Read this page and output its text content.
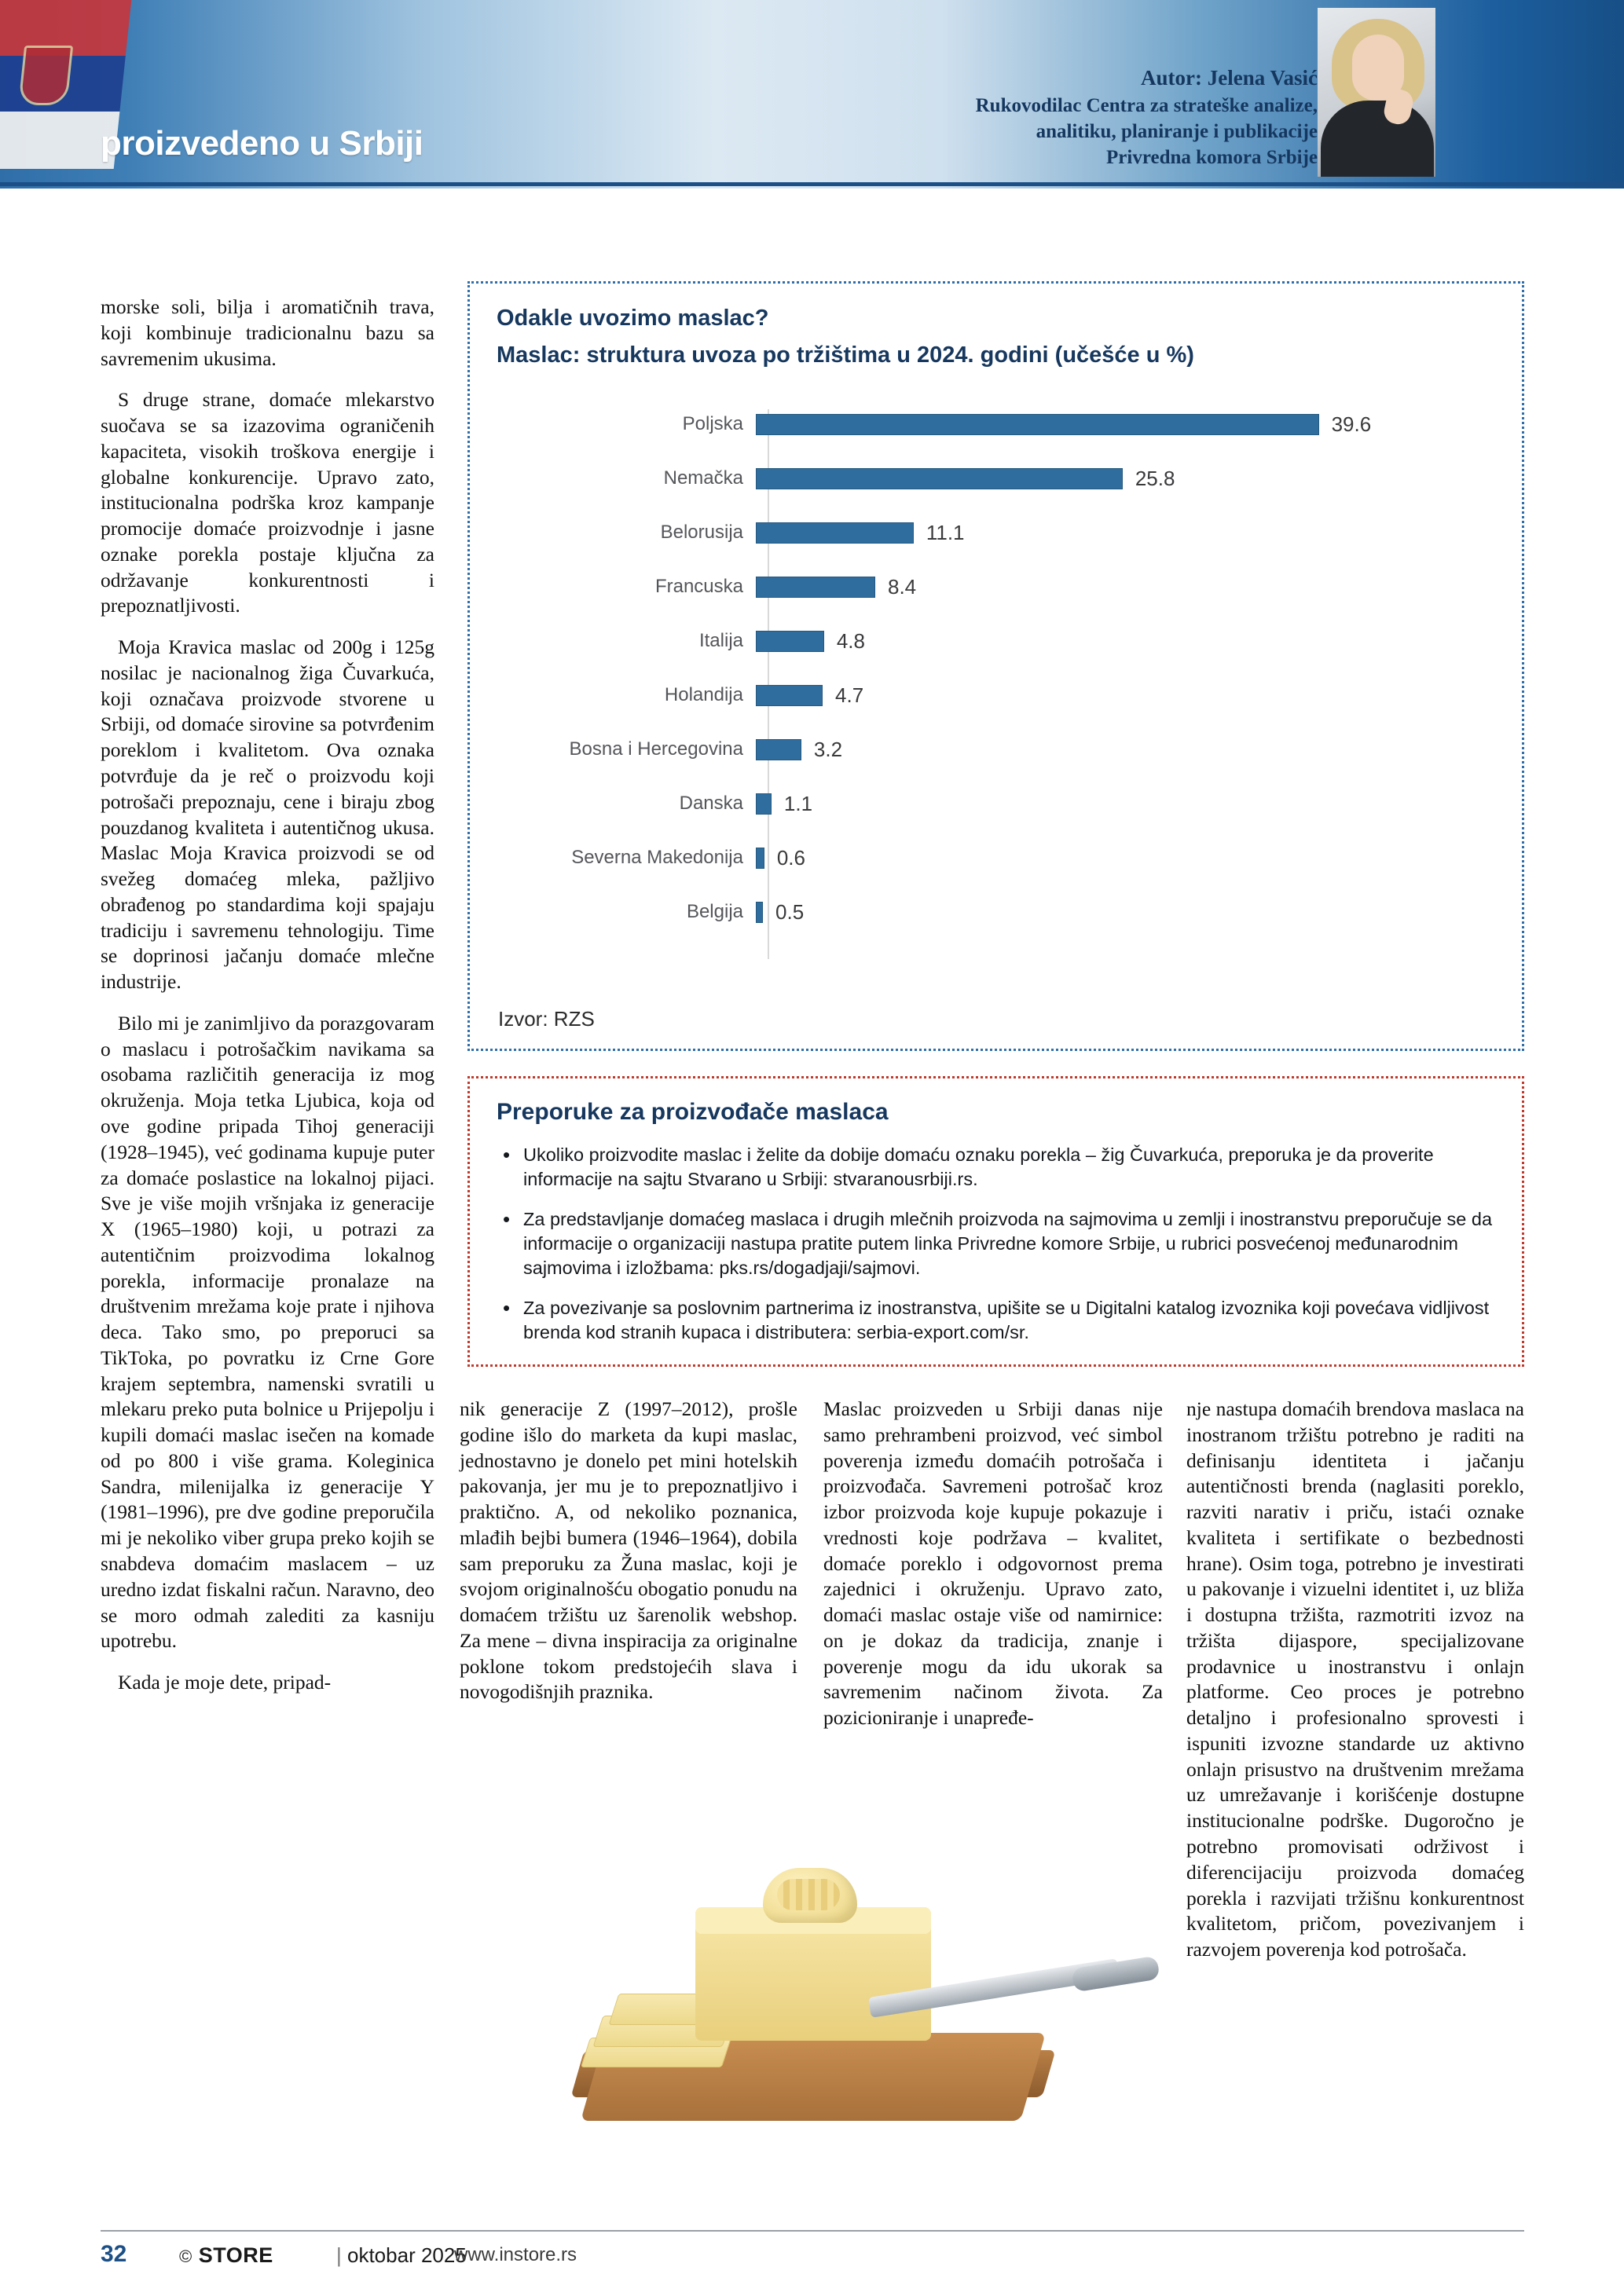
Autor: Jelena Vasić
Rukovodilac Centra za strateške analize,
analitiku, planiranje i publikacije
Privredna komora Srbije
proizvedeno u Srbiji

morske soli, bilja i aromatičnih trava, koji kombinuje tradicionalnu bazu sa savremenim ukusima.

S druge strane, domaće mlekarstvo suočava se sa izazovima ograničenih kapaciteta, visokih troškova energije i globalne konkurencije. Upravo zato, institucionalna podrška kroz kampanje promocije domaće proizvodnje i jasne oznake porekla postaje ključna za održavanje konkurentnosti i prepoznatljivosti.

Moja Kravica maslac od 200g i 125g nosilac je nacionalnog žiga Čuvarkuća, koji označava proizvode stvorene u Srbiji, od domaće sirovine sa potvrđenim poreklom i kvalitetom. Ova oznaka potvrđuje da je reč o proizvodu koji potrošači prepoznaju, cene i biraju zbog pouzdanog kvaliteta i autentičnog ukusa. Maslac Moja Kravica proizvodi se od svežeg domaćeg mleka, pažljivo obrađenog po standardima koji spajaju tradiciju i savremenu tehnologiju. Time se doprinosi jačanju domaće mlečne industrije.

Bilo mi je zanimljivo da porazgovaram o maslacu i potrošačkim navikama sa osobama različitih generacija iz mog okruženja. Moja tetka Ljubica, koja od ove godine pripada Tihoj generaciji (1928–1945), već godinama kupuje puter za domaće poslastice na lokalnoj pijaci. Sve je više mojih vršnjaka iz generacije X (1965–1980) koji, u potrazi za autentičnim proizvodima lokalnog porekla, informacije pronalaze na društvenim mrežama koje prate i njihova deca. Tako smo, po preporuci sa TikToka, po povratku iz Crne Gore krajem septembra, namenski svratili u mlekaru preko puta bolnice u Prijepolju i kupili domaći maslac isečen na komade od po 800 i više grama. Koleginica Sandra, milenijalka iz generacije Y (1981–1996), pre dve godine preporučila mi je nekoliko viber grupa preko kojih se snabdeva domaćim maslacem – uz uredno izdat fiskalni račun. Naravno, deo se moro odmah zalediti za kasniju upotrebu.

Kada je moje dete, pripad-

Odakle uvozimo maslac?
Maslac: struktura uvoza po tržištima u 2024. godini (učešće u %)
Poljska	39.6
Nemačka	25.8
Belorusija	11.1
Francuska	8.4
Italija	4.8
Holandija	4.7
Bosna i Hercegovina	3.2
Danska	1.1
Severna Makedonija	0.6
Belgija	0.5
Izvor: RZS
Preporuke za proizvođače maslaca
• Ukoliko proizvodite maslac i želite da dobije domaću oznaku porekla – žig Čuvarkuća, preporuka je da proverite informacije na sajtu Stvarano u Srbiji: stvaranousrbiji.rs.
• Za predstavljanje domaćeg maslaca i drugih mlečnih proizvoda na sajmovima u zemlji i inostranstvu preporučuje se da informacije o organizaciji nastupa pratite putem linka Privredne komore Srbije, u rubrici posvećenoj međunarodnim sajmovima i izložbama: pks.rs/dogadjaji/sajmovi.
• Za povezivanje sa poslovnim partnerima iz inostranstva, upišite se u Digitalni katalog izvoznika koji povećava vidljivost brenda kod stranih kupaca i distributera: serbia-export.com/sr.

nik generacije Z (1997–2012), prošle godine išlo do marketa da kupi maslac, jednostavno je donelo pet mini hotelskih pakovanja, jer mu je to prepoznatljivo i praktično. A, od nekoliko poznanica, mlađih bejbi bumera (1946–1964), dobila sam preporuku za Žuna maslac, koji je svojom originalnošću obogatio ponudu na domaćem tržištu uz šarenolik webshop. Za mene – divna inspiracija za originalne poklone tokom predstojećih slava i novogodišnjih praznika.

Maslac proizveden u Srbiji danas nije samo prehrambeni proizvod, već simbol poverenja između domaćih potrošača i proizvođača. Savremeni potrošač kroz izbor proizvoda koje kupuje pokazuje i vrednosti koje podržava – kvalitet, domaće poreklo i odgovornost prema zajednici i okruženju. Upravo zato, domaći maslac ostaje više od namirnice: on je dokaz da tradicija, znanje i poverenje mogu da idu ukorak sa savremenim načinom života. Za pozicioniranje i unapređe-

nje nastupa domaćih brendova maslaca na inostranom tržištu potrebno je raditi na definisanju identiteta i jačanju autentičnosti brenda (naglasiti poreklo, razviti narativ i priču, istaći oznake kvaliteta i sertifikate o bezbednosti hrane). Osim toga, potrebno je investirati u pakovanje i vizuelni identitet i, uz bliža i dostupna tržišta, razmotriti izvoz na tržišta dijaspore, specijalizovane prodavnice u inostranstvu i onlajn platforme. Ceo proces je potrebno detaljno i profesionalno sprovesti i ispuniti izvozne standarde uz aktivno onlajn prisustvo na društvenim mrežama uz umrežavanje i korišćenje dostupne institucionalne podrške. Dugoročno je potrebno promovisati održivost i diferencijaciju proizvoda domaćeg porekla i razvijati tržišnu konkurentnost kvalitetom, pričom, povezivanjem i razvojem poverenja kod potrošača.

32	© STORE	| oktobar 2025
www.instore.rs
